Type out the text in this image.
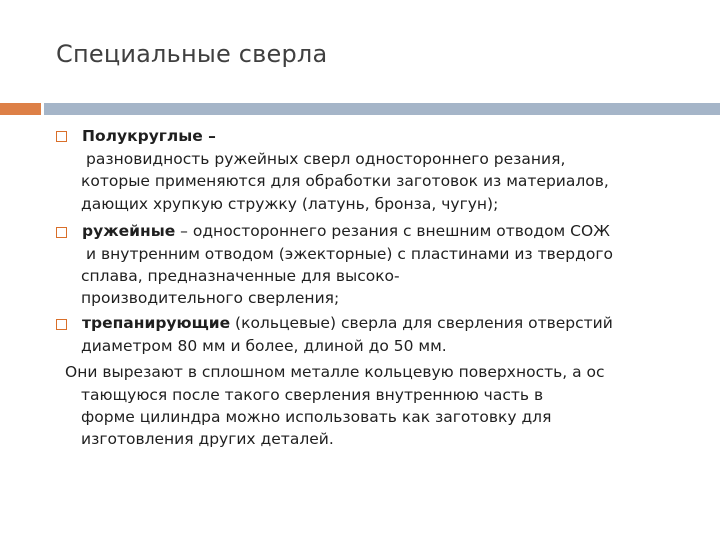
Специальные сверла
Полукруглые –
разновидность ружейных сверл одностороннего резания,
которые применяются для обработки заготовок из материалов,
дающих хрупкую стружку (латунь, бронза, чугун);
ружейные – одностороннего резания с внешним отводом СОЖ
и внутренним отводом (эжекторные) с пластинами из твердого
сплава, предназначенные для высоко-
производительного сверления;
трепанирующие (кольцевые) сверла для сверления отверстий
диаметром 80 мм и более, длиной до 50 мм.
Они вырезают в сплошном металле кольцевую поверхность, а ос
тающуюся после такого сверления внутреннюю часть в
форме цилиндра можно использовать как заготовку для
изготовления других деталей.
